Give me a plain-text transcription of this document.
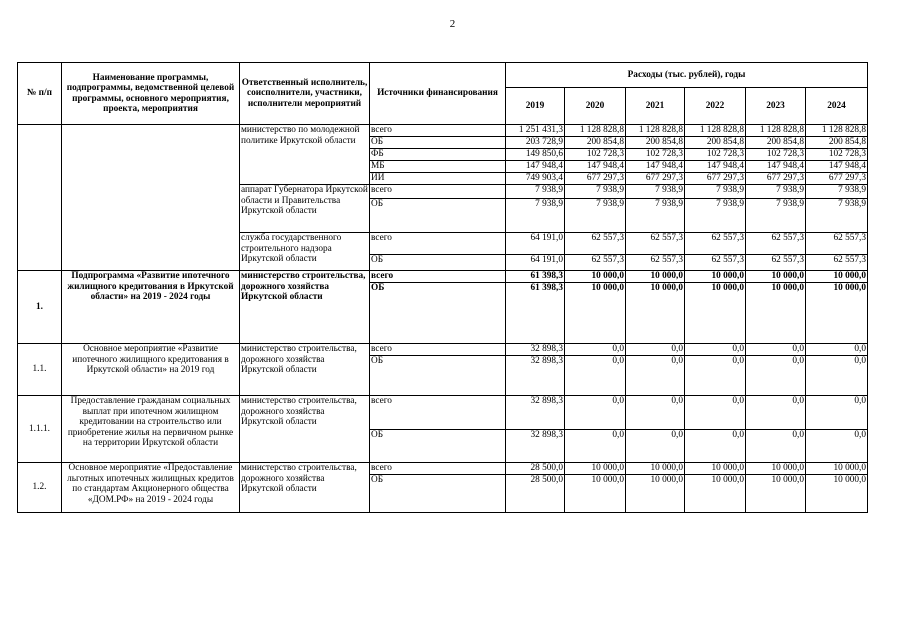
2
№ п/п	Наименование программы, подпрограммы, ведомственной целевой программы, основного мероприятия, проекта, мероприятия	Ответственный исполнитель, соисполнители, участники, исполнители мероприятий	Источники финансирования	Расходы (тыс. рублей), годы					
				2019	2020	2021	2022	2023	2024
		министерство по молодежной политике Иркутской области	всего	1 251 431,3	1 128 828,8	1 128 828,8	1 128 828,8	1 128 828,8	1 128 828,8
			ОБ	203 728,9	200 854,8	200 854,8	200 854,8	200 854,8	200 854,8
			ФБ	149 850,6	102 728,3	102 728,3	102 728,3	102 728,3	102 728,3
			МБ	147 948,4	147 948,4	147 948,4	147 948,4	147 948,4	147 948,4
			ИИ	749 903,4	677 297,3	677 297,3	677 297,3	677 297,3	677 297,3
		аппарат Губернатора Иркутской области и Правительства Иркутской области	всего	7 938,9	7 938,9	7 938,9	7 938,9	7 938,9	7 938,9
			ОБ	7 938,9	7 938,9	7 938,9	7 938,9	7 938,9	7 938,9
		служба государственного строительного надзора Иркутской области	всего	64 191,0	62 557,3	62 557,3	62 557,3	62 557,3	62 557,3
			ОБ	64 191,0	62 557,3	62 557,3	62 557,3	62 557,3	62 557,3
1.	Подпрограмма «Развитие ипотечного жилищного кредитования в Иркутской области» на 2019 - 2024 годы	министерство строительства, дорожного хозяйства Иркутской области	всего	61 398,3	10 000,0	10 000,0	10 000,0	10 000,0	10 000,0
			ОБ	61 398,3	10 000,0	10 000,0	10 000,0	10 000,0	10 000,0
1.1.	Основное мероприятие «Развитие ипотечного жилищного кредитования в Иркутской области» на 2019 год	министерство строительства, дорожного хозяйства Иркутской области	всего	32 898,3	0,0	0,0	0,0	0,0	0,0
			ОБ	32 898,3	0,0	0,0	0,0	0,0	0,0
1.1.1.	Предоставление гражданам социальных выплат при ипотечном жилищном кредитовании на строительство или приобретение жилья на первичном рынке на территории Иркутской области	министерство строительства, дорожного хозяйства Иркутской области	всего	32 898,3	0,0	0,0	0,0	0,0	0,0
			ОБ	32 898,3	0,0	0,0	0,0	0,0	0,0
1.2.	Основное мероприятие «Предоставление льготных ипотечных жилищных кредитов по стандартам Акционерного общества «ДОМ.РФ» на 2019 - 2024 годы	министерство строительства, дорожного хозяйства Иркутской области	всего	28 500,0	10 000,0	10 000,0	10 000,0	10 000,0	10 000,0
			ОБ	28 500,0	10 000,0	10 000,0	10 000,0	10 000,0	10 000,0
